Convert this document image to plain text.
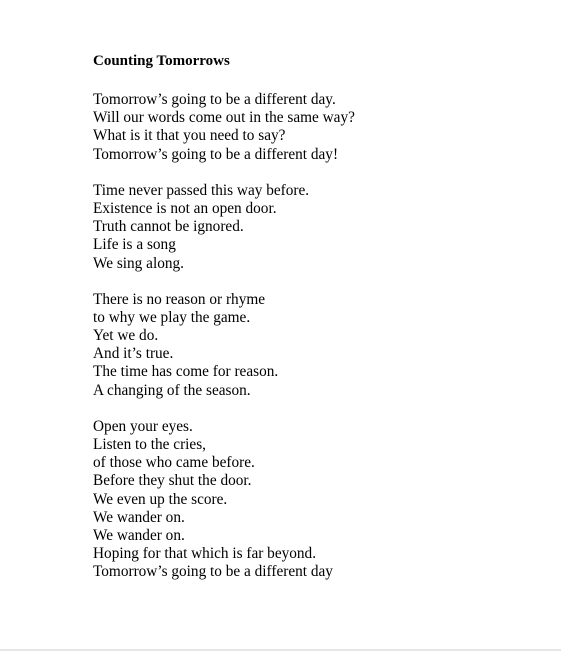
Counting Tomorrows
Tomorrow’s going to be a different day.
Will our words come out in the same way?
What is it that you need to say?
Tomorrow’s going to be a different day!
Time never passed this way before.
Existence is not an open door.
Truth cannot be ignored.
Life is a song
We sing along.
There is no reason or rhyme
to why we play the game.
Yet we do.
And it’s true.
The time has come for reason.
A changing of the season.
Open your eyes.
Listen to the cries,
of those who came before.
Before they shut the door.
We even up the score.
We wander on.
We wander on.
Hoping for that which is far beyond.
Tomorrow’s going to be a different day
